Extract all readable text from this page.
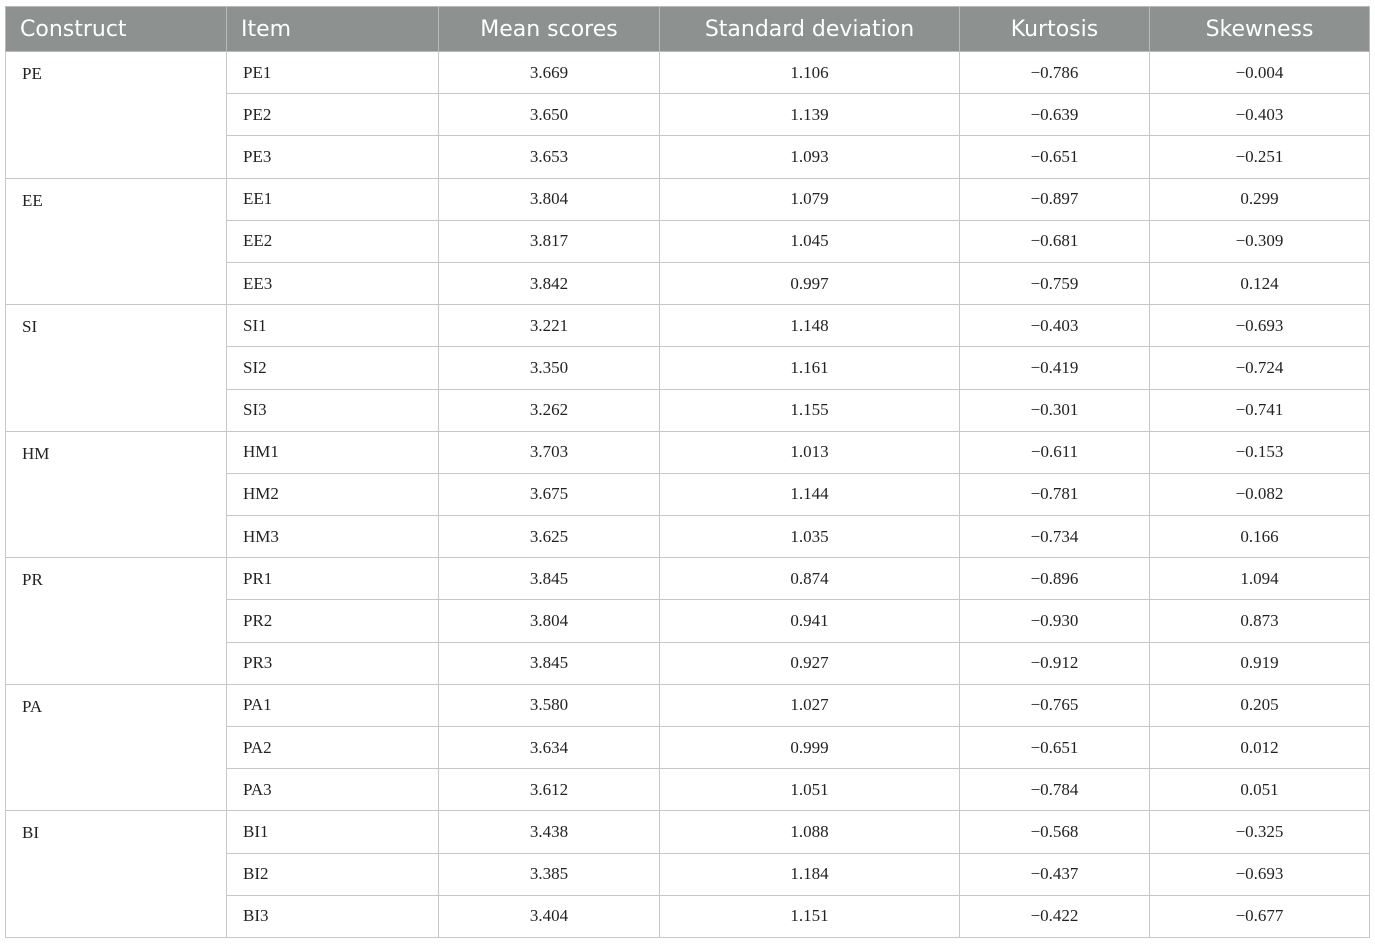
Construct	Item	Mean scores	Standard deviation	Kurtosis	Skewness
PE	PE1	3.669	1.106	−0.786	−0.004
	PE2	3.650	1.139	−0.639	−0.403
	PE3	3.653	1.093	−0.651	−0.251
EE	EE1	3.804	1.079	−0.897	0.299
	EE2	3.817	1.045	−0.681	−0.309
	EE3	3.842	0.997	−0.759	0.124
SI	SI1	3.221	1.148	−0.403	−0.693
	SI2	3.350	1.161	−0.419	−0.724
	SI3	3.262	1.155	−0.301	−0.741
HM	HM1	3.703	1.013	−0.611	−0.153
	HM2	3.675	1.144	−0.781	−0.082
	HM3	3.625	1.035	−0.734	0.166
PR	PR1	3.845	0.874	−0.896	1.094
	PR2	3.804	0.941	−0.930	0.873
	PR3	3.845	0.927	−0.912	0.919
PA	PA1	3.580	1.027	−0.765	0.205
	PA2	3.634	0.999	−0.651	0.012
	PA3	3.612	1.051	−0.784	0.051
BI	BI1	3.438	1.088	−0.568	−0.325
	BI2	3.385	1.184	−0.437	−0.693
	BI3	3.404	1.151	−0.422	−0.677
